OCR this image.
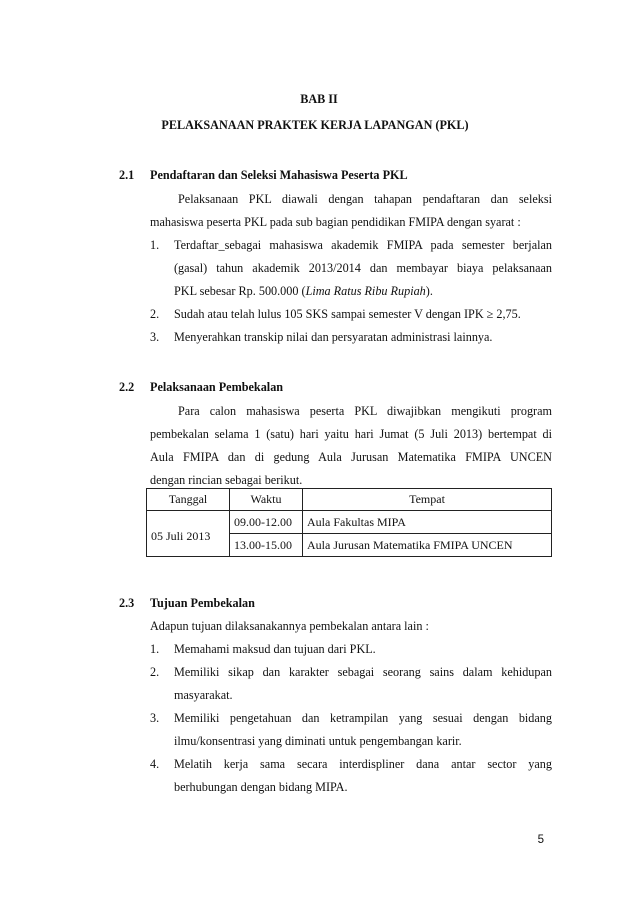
BAB II
PELAKSANAAN PRAKTEK KERJA LAPANGAN (PKL)
2.1 Pendaftaran dan Seleksi Mahasiswa Peserta PKL
Pelaksanaan PKL diawali dengan tahapan pendaftaran dan seleksi
mahasiswa peserta PKL pada sub bagian pendidikan FMIPA dengan syarat :
1. Terdaftar_sebagai mahasiswa akademik FMIPA pada semester berjalan
(gasal) tahun akademik 2013/2014 dan membayar biaya pelaksanaan
PKL sebesar Rp. 500.000 (Lima Ratus Ribu Rupiah).
2. Sudah atau telah lulus 105 SKS sampai semester V dengan IPK ≥ 2,75.
3. Menyerahkan transkip nilai dan persyaratan administrasi lainnya.
2.2 Pelaksanaan Pembekalan
Para calon mahasiswa peserta PKL diwajibkan mengikuti program
pembekalan selama 1 (satu) hari yaitu hari Jumat (5 Juli 2013) bertempat di
Aula FMIPA dan di gedung Aula Jurusan Matematika FMIPA UNCEN
dengan rincian sebagai berikut.
Tanggal	Waktu	Tempat
05 Juli 2013	09.00-12.00	Aula Fakultas MIPA
	13.00-15.00	Aula Jurusan Matematika FMIPA UNCEN
2.3 Tujuan Pembekalan
Adapun tujuan dilaksanakannya pembekalan antara lain :
1. Memahami maksud dan tujuan dari PKL.
2. Memiliki sikap dan karakter sebagai seorang sains dalam kehidupan
masyarakat.
3. Memiliki pengetahuan dan ketrampilan yang sesuai dengan bidang
ilmu/konsentrasi yang diminati untuk pengembangan karir.
4. Melatih kerja sama secara interdispliner dana antar sector yang
berhubungan dengan bidang MIPA.
5
